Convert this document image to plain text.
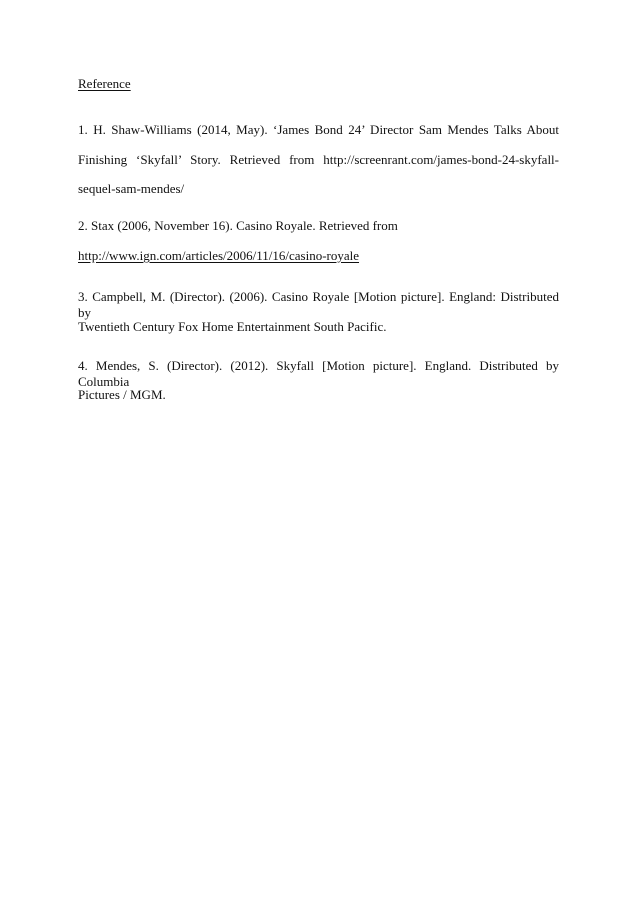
Reference

1. H. Shaw-Williams (2014, May). ‘James Bond 24’ Director Sam Mendes Talks About

Finishing ‘Skyfall’ Story. Retrieved from http://screenrant.com/james-bond-24-skyfall-

sequel-sam-mendes/

2. Stax (2006, November 16). Casino Royale. Retrieved from

http://www.ign.com/articles/2006/11/16/casino-royale

3. Campbell, M. (Director). (2006). Casino Royale [Motion picture]. England: Distributed by

Twentieth Century Fox Home Entertainment South Pacific.

4. Mendes, S. (Director). (2012). Skyfall [Motion picture]. England. Distributed by Columbia

Pictures / MGM.
